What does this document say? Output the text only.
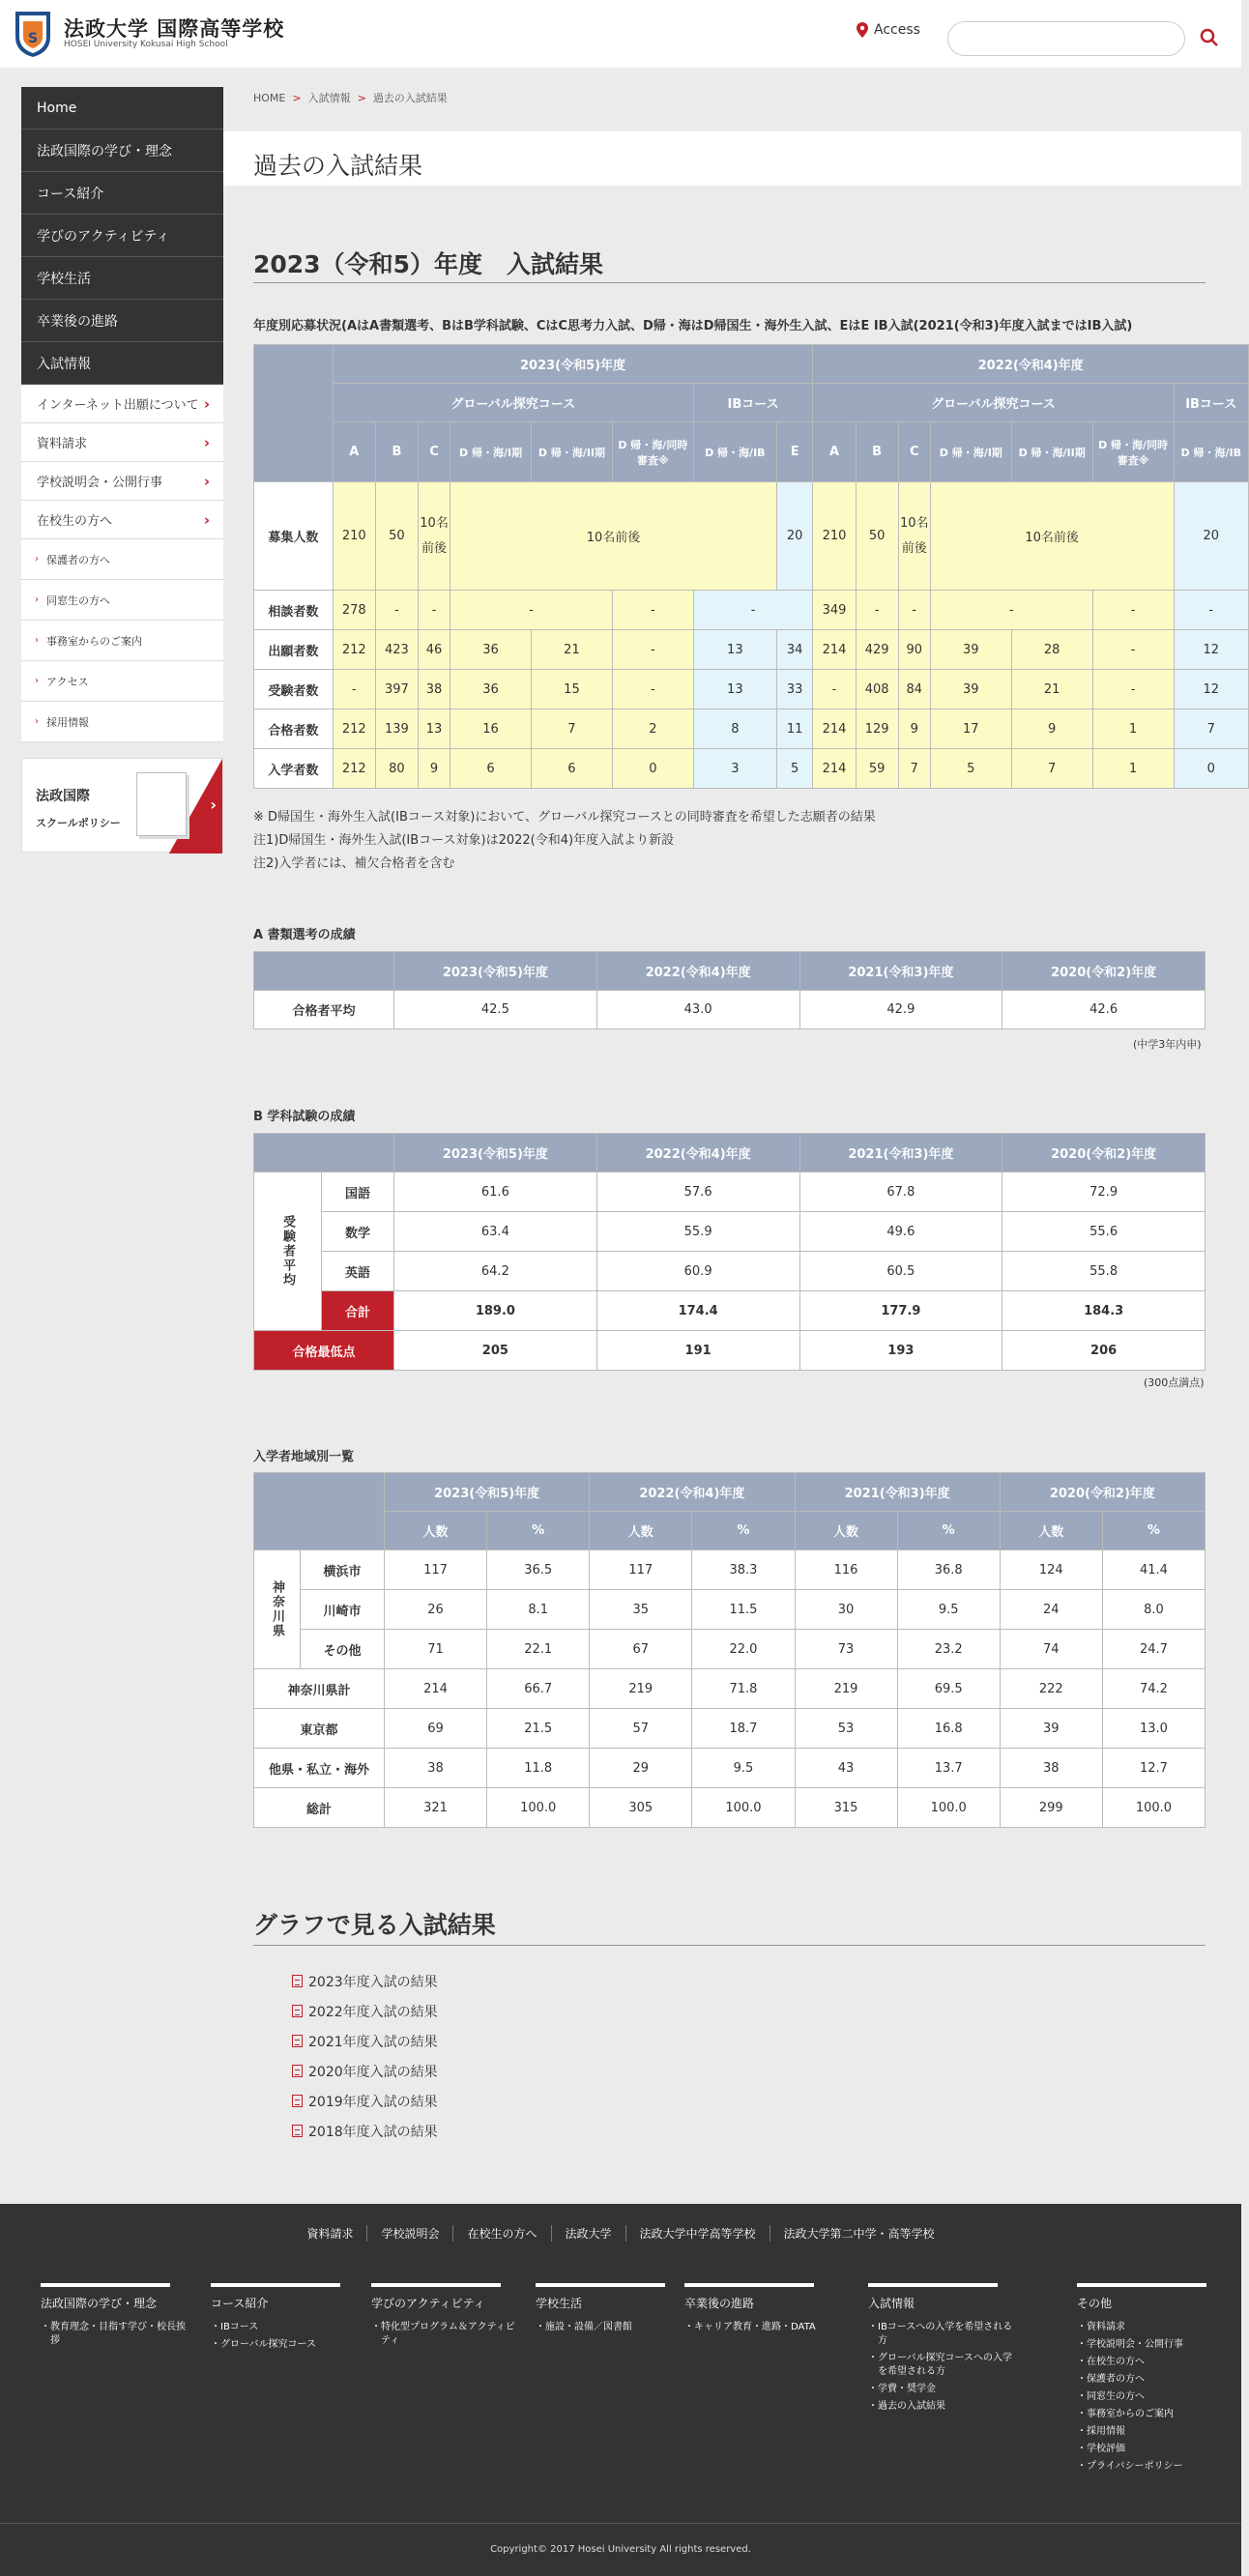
S 法政大学 国際高等学校
HOSEI University Kokusai High School
Access
Home
法政国際の学び・理念
コース紹介
学びのアクティビティ
学校生活
卒業後の進路
入試情報
インターネット出願について ›
資料請求	›
学校説明会・公開行事	›
在校生の方へ	›
› 保護者の方へ
› 同窓生の方へ
› 事務室からのご案内
› アクセス
› 採用情報
法政国際
スクールポリシー
›
HOME > 入試情報 > 過去の入試結果
過去の入試結果
2023（令和5）年度　入試結果
年度別応募状況(AはA書類選考、BはB学科試験、CはC思考力入試、D帰・海はD帰国生・海外生入試、EはE IB入試(2021(令和3)年度入試まではIB入試)
	2023(令和5)年度								2022(令和4)年度						
	グローバル探究コース						IBコース		グローバル探究コース						IBコース
	A	B	C	D 帰・海/I期	D 帰・海/II期	D 帰・海/同時審査※	D 帰・海/IB	E	A	B	C	D 帰・海/I期	D 帰・海/II期	D 帰・海/同時審査※	D 帰・海/IB
募集人数	210	50	10名前後	10名前後				20	210	50	10名前後	10名前後			20
相談者数	278	-	-	-		-	-		349	-	-	-		-	-
出願者数	212	423	46	36	21	-	13	34	214	429	90	39	28	-	12
受験者数	-	397	38	36	15	-	13	33	-	408	84	39	21	-	12
合格者数	212	139	13	16	7	2	8	11	214	129	9	17	9	1	7
入学者数	212	80	9	6	6	0	3	5	214	59	7	5	7	1	0
※ D帰国生・海外生入試(IBコース対象)において、グローバル探究コースとの同時審査を希望した志願者の結果
注1)D帰国生・海外生入試(IBコース対象)は2022(令和4)年度入試より新設
注2)入学者には、補欠合格者を含む
A 書類選考の成績
	2023(令和5)年度	2022(令和4)年度	2021(令和3)年度	2020(令和2)年度
合格者平均	42.5	43.0	42.9	42.6
(中学3年内申)
B 学科試験の成績
		2023(令和5)年度	2022(令和4)年度	2021(令和3)年度	2020(令和2)年度
受験者平均	国語	61.6	57.6	67.8	72.9
	数学	63.4	55.9	49.6	55.6
	英語	64.2	60.9	60.5	55.8
	合計	189.0	174.4	177.9	184.3
合格最低点		205	191	193	206
(300点満点)
入学者地域別一覧
		2023(令和5)年度		2022(令和4)年度		2021(令和3)年度		2020(令和2)年度	
		人数	%	人数	%	人数	%	人数	%
神奈川県	横浜市	117	36.5	117	38.3	116	36.8	124	41.4
	川崎市	26	8.1	35	11.5	30	9.5	24	8.0
	その他	71	22.1	67	22.0	73	23.2	74	24.7
神奈川県計		214	66.7	219	71.8	219	69.5	222	74.2
東京都		69	21.5	57	18.7	53	16.8	39	13.0
他県・私立・海外		38	11.8	29	9.5	43	13.7	38	12.7
総計		321	100.0	305	100.0	315	100.0	299	100.0
グラフで見る入試結果
2023年度入試の結果
2022年度入試の結果
2021年度入試の結果
2020年度入試の結果
2019年度入試の結果
2018年度入試の結果
資料請求	学校説明会	在校生の方へ	法政大学	法政大学中学高等学校	法政大学第二中学・高等学校
法政国際の学び・理念
・ 教育理念・目指す学び・校長挨拶
コース紹介
・ IBコース
・ グローバル探究コース
学びのアクティビティ
・ 特化型プログラム＆アクティビティ
学校生活
・ 施設・設備／図書館
卒業後の進路
・ キャリア教育・進路・DATA
入試情報
・ IBコースへの入学を希望される方
・ グローバル探究コースへの入学を希望される方
・ 学費・奨学金
・ 過去の入試結果
その他
・ 資料請求
・ 学校説明会・公開行事
・ 在校生の方へ
・ 保護者の方へ
・ 同窓生の方へ
・ 事務室からのご案内
・ 採用情報
・ 学校評価
・ プライバシーポリシー
Copyright© 2017 Hosei University All rights reserved.
